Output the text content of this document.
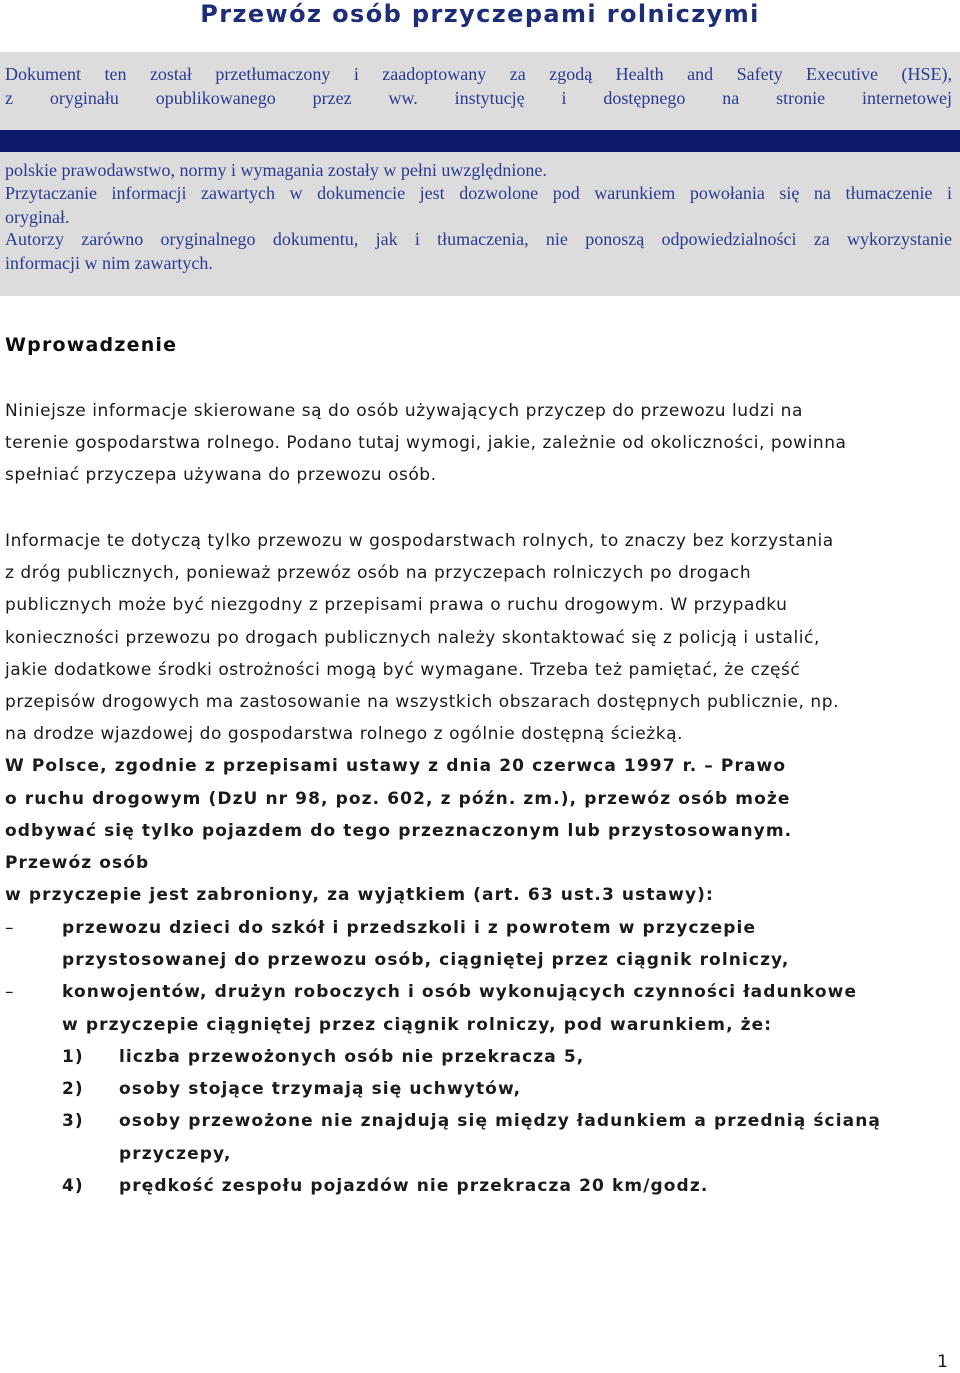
Przewóz osób przyczepami rolniczymi
Dokument ten został przetłumaczony i zaadoptowany za zgodą Health and Safety Executive (HSE),
z oryginału opublikowanego przez ww. instytucję i dostępnego na stronie internetowej
polskie prawodawstwo, normy i wymagania zostały w pełni uwzględnione.
Przytaczanie informacji zawartych w dokumencie jest dozwolone pod warunkiem powołania się na tłumaczenie i
oryginał.
Autorzy zarówno oryginalnego dokumentu, jak i tłumaczenia, nie ponoszą odpowiedzialności za wykorzystanie
informacji w nim zawartych.
Wprowadzenie
Niniejsze informacje skierowane są do osób używających przyczep do przewozu ludzi na
terenie gospodarstwa rolnego. Podano tutaj wymogi, jakie, zależnie od okoliczności, powinna
spełniać przyczepa używana do przewozu osób.
Informacje te dotyczą tylko przewozu w gospodarstwach rolnych, to znaczy bez korzystania
z dróg publicznych, ponieważ przewóz osób na przyczepach rolniczych po drogach
publicznych może być niezgodny z przepisami prawa o ruchu drogowym. W przypadku
konieczności przewozu po drogach publicznych należy skontaktować się z policją i ustalić,
jakie dodatkowe środki ostrożności mogą być wymagane. Trzeba też pamiętać, że część
przepisów drogowych ma zastosowanie na wszystkich obszarach dostępnych publicznie, np.
na drodze wjazdowej do gospodarstwa rolnego z ogólnie dostępną ścieżką.
W Polsce, zgodnie z przepisami ustawy z dnia 20 czerwca 1997 r. – Prawo
o ruchu drogowym (DzU nr 98, poz. 602, z późn. zm.), przewóz osób może
odbywać się tylko pojazdem do tego przeznaczonym lub przystosowanym.
Przewóz osób
w przyczepie jest zabroniony, za wyjątkiem (art. 63 ust.3 ustawy):
–	przewozu dzieci do szkół i przedszkoli i z powrotem w przyczepie
przystosowanej do przewozu osób, ciągniętej przez ciągnik rolniczy,
–	konwojentów, drużyn roboczych i osób wykonujących czynności ładunkowe
w przyczepie ciągniętej przez ciągnik rolniczy, pod warunkiem, że:
1) liczba przewożonych osób nie przekracza 5,
2) osoby stojące trzymają się uchwytów,
3) osoby przewożone nie znajdują się między ładunkiem a przednią ścianą
przyczepy,
4) prędkość zespołu pojazdów nie przekracza 20 km/godz.
1
